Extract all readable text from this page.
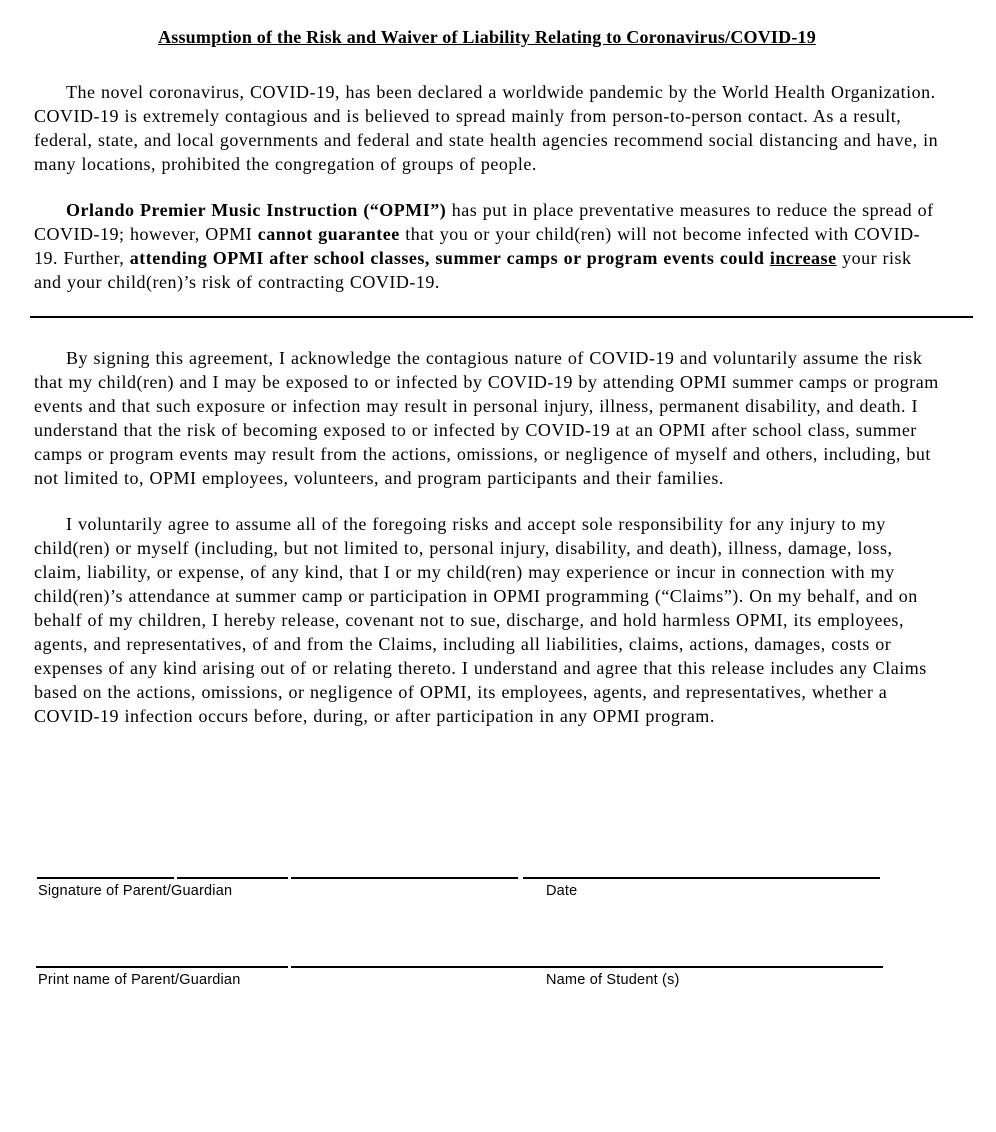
Assumption of the Risk and Waiver of Liability Relating to Coronavirus/COVID-19

The novel coronavirus, COVID-19, has been declared a worldwide pandemic by the World Health Organization. COVID-19 is extremely contagious and is believed to spread mainly from person-to-person contact. As a result, federal, state, and local governments and federal and state health agencies recommend social distancing and have, in many locations, prohibited the congregation of groups of people.

Orlando Premier Music Instruction (“OPMI”) has put in place preventative measures to reduce the spread of COVID-19; however, OPMI cannot guarantee that you or your child(ren) will not become infected with COVID-19. Further, attending OPMI after school classes, summer camps or program events could increase your risk and your child(ren)’s risk of contracting COVID-19.

By signing this agreement, I acknowledge the contagious nature of COVID-19 and voluntarily assume the risk that my child(ren) and I may be exposed to or infected by COVID-19 by attending OPMI summer camps or program events and that such exposure or infection may result in personal injury, illness, permanent disability, and death. I understand that the risk of becoming exposed to or infected by COVID-19 at an OPMI after school class, summer camps or program events may result from the actions, omissions, or negligence of myself and others, including, but not limited to, OPMI employees, volunteers, and program participants and their families.

I voluntarily agree to assume all of the foregoing risks and accept sole responsibility for any injury to my child(ren) or myself (including, but not limited to, personal injury, disability, and death), illness, damage, loss, claim, liability, or expense, of any kind, that I or my child(ren) may experience or incur in connection with my child(ren)’s attendance at summer camp or participation in OPMI programming (“Claims”). On my behalf, and on behalf of my children, I hereby release, covenant not to sue, discharge, and hold harmless OPMI, its employees, agents, and representatives, of and from the Claims, including all liabilities, claims, actions, damages, costs or expenses of any kind arising out of or relating thereto. I understand and agree that this release includes any Claims based on the actions, omissions, or negligence of OPMI, its employees, agents, and representatives, whether a COVID-19 infection occurs before, during, or after participation in any OPMI program.

Signature of Parent/Guardian	Date
Print name of Parent/Guardian	Name of Student (s)
